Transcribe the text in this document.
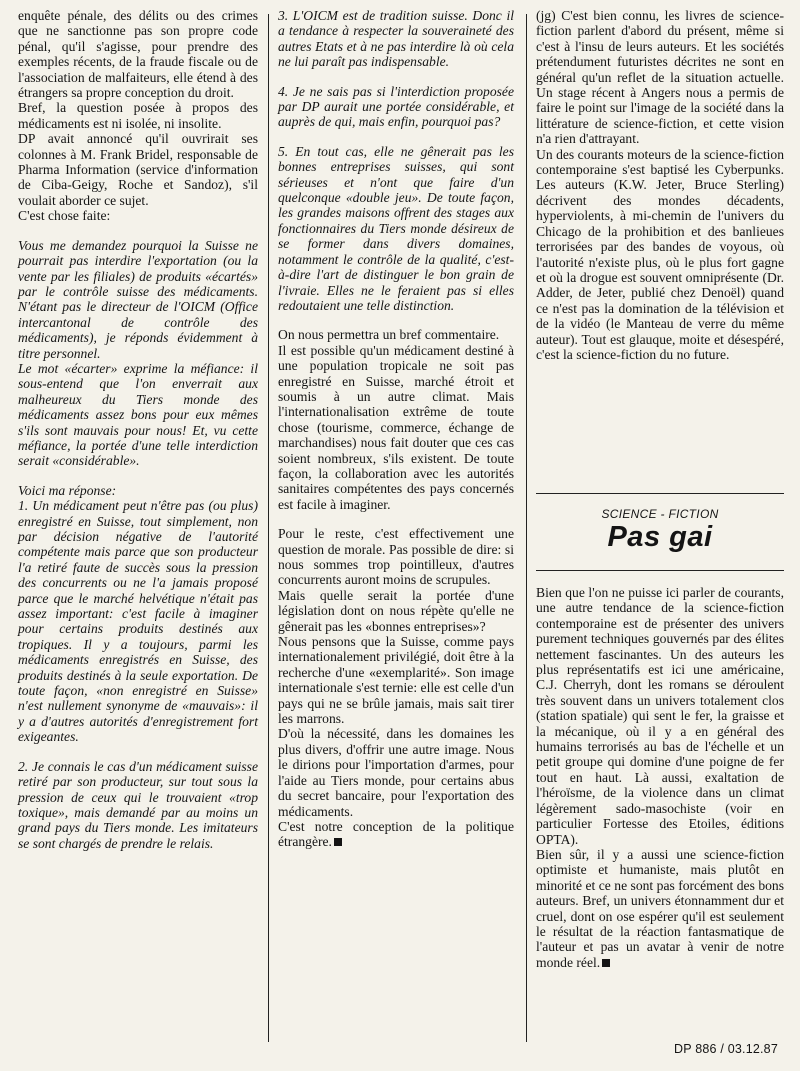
enquête pénale, des délits ou des crimes que ne sanctionne pas son propre code pénal, qu'il s'agisse, pour prendre des exemples récents, de la fraude fiscale ou de l'association de malfaiteurs, elle étend à des étrangers sa propre conception du droit.

Bref, la question posée à propos des médicaments est ni isolée, ni insolite.

DP avait annoncé qu'il ouvrirait ses colonnes à M. Frank Bridel, responsable de Pharma Information (service d'information de Ciba-Geigy, Roche et Sandoz), s'il voulait aborder ce sujet.

C'est chose faite:

Vous me demandez pourquoi la Suisse ne pourrait pas interdire l'exportation (ou la vente par les filiales) de produits «écartés» par le contrôle suisse des médicaments. N'étant pas le directeur de l'OICM (Office intercantonal de contrôle des médicaments), je réponds évidemment à titre personnel.

Le mot «écarter» exprime la méfiance: il sous-entend que l'on enverrait aux malheureux du Tiers monde des médicaments assez bons pour eux mêmes s'ils sont mauvais pour nous! Et, vu cette méfiance, la portée d'une telle interdiction serait «considérable».

Voici ma réponse:

1. Un médicament peut n'être pas (ou plus) enregistré en Suisse, tout simplement, non par décision négative de l'autorité compétente mais parce que son producteur l'a retiré faute de succès sous la pression des concurrents ou ne l'a jamais proposé parce que le marché helvétique n'était pas assez important: c'est facile à imaginer pour certains produits destinés aux tropiques. Il y a toujours, parmi les médicaments enregistrés en Suisse, des produits destinés à la seule exportation. De toute façon, «non enregistré en Suisse» n'est nullement synonyme de «mauvais»: il y a d'autres autorités d'enregistrement fort exigeantes.

2. Je connais le cas d'un médicament suisse retiré par son producteur, sur tout sous la pression de ceux qui le trouvaient «trop toxique», mais demandé par au moins un grand pays du Tiers monde. Les imitateurs se sont chargés de prendre le relais.

3. L'OICM est de tradition suisse. Donc il a tendance à respecter la souveraineté des autres Etats et à ne pas interdire là où cela ne lui paraît pas indispensable.

4. Je ne sais pas si l'interdiction proposée par DP aurait une portée considérable, et auprès de qui, mais enfin, pourquoi pas?

5. En tout cas, elle ne gênerait pas les bonnes entreprises suisses, qui sont sérieuses et n'ont que faire d'un quelconque «double jeu». De toute façon, les grandes maisons offrent des stages aux fonctionnaires du Tiers monde désireux de se former dans divers domaines, notamment le contrôle de la qualité, c'est-à-dire l'art de distinguer le bon grain de l'ivraie. Elles ne le feraient pas si elles redoutaient une telle distinction.

On nous permettra un bref commentaire.

Il est possible qu'un médicament destiné à une population tropicale ne soit pas enregistré en Suisse, marché étroit et soumis à un autre climat. Mais l'internationalisation extrême de toute chose (tourisme, commerce, échange de marchandises) nous fait douter que ces cas soient nombreux, s'ils existent. De toute façon, la collaboration avec les autorités sanitaires compétentes des pays concernés est facile à imaginer.

Pour le reste, c'est effectivement une question de morale. Pas possible de dire: si nous sommes trop pointilleux, d'autres concurrents auront moins de scrupules.

Mais quelle serait la portée d'une législation dont on nous répète qu'elle ne gênerait pas les «bonnes entreprises»?

Nous pensons que la Suisse, comme pays internationalement privilégié, doit être à la recherche d'une «exemplarité». Son image internationale s'est ternie: elle est celle d'un pays qui ne se brûle jamais, mais sait tirer les marrons.

D'où la nécessité, dans les domaines les plus divers, d'offrir une autre image. Nous le dirions pour l'importation d'armes, pour l'aide au Tiers monde, pour certains abus du secret bancaire, pour l'exportation des médicaments.

C'est notre conception de la politique étrangère.

(jg) C'est bien connu, les livres de science-fiction parlent d'abord du présent, même si c'est à l'insu de leurs auteurs. Et les sociétés prétendument futuristes décrites ne sont en général qu'un reflet de la situation actuelle. Un stage récent à Angers nous a permis de faire le point sur l'image de la société dans la littérature de science-fiction, et cette vision n'a rien d'attrayant.

Un des courants moteurs de la science-fiction contemporaine s'est baptisé les Cyberpunks. Les auteurs (K.W. Jeter, Bruce Sterling) décrivent des mondes décadents, hyperviolents, à mi-chemin de l'univers du Chicago de la prohibition et des banlieues terrorisées par des bandes de voyous, où l'autorité n'existe plus, où le plus fort gagne et où la drogue est souvent omniprésente (Dr. Adder, de Jeter, publié chez Denoël) quand ce n'est pas la domination de la télévision et de la vidéo (le Manteau de verre du même auteur). Tout est glauque, moite et désespéré, c'est la science-fiction du no future.

SCIENCE - FICTION
Pas gai

Bien que l'on ne puisse ici parler de courants, une autre tendance de la science-fiction contemporaine est de présenter des univers purement techniques gouvernés par des élites nettement fascinantes. Un des auteurs les plus représentatifs est ici une américaine, C.J. Cherryh, dont les romans se déroulent très souvent dans un univers totalement clos (station spatiale) qui sent le fer, la graisse et la mécanique, où il y a en général des humains terrorisés au bas de l'échelle et un petit groupe qui domine d'une poigne de fer tout en haut. Là aussi, exaltation de l'héroïsme, de la violence dans un climat légèrement sado-masochiste (voir en particulier Fortesse des Etoiles, éditions OPTA).

Bien sûr, il y a aussi une science-fiction optimiste et humaniste, mais plutôt en minorité et ce ne sont pas forcément des bons auteurs. Bref, un univers étonnamment dur et cruel, dont on ose espérer qu'il est seulement le résultat de la réaction fantasmatique de l'auteur et pas un avatar à venir de notre monde réel.

DP 886 / 03.12.87
